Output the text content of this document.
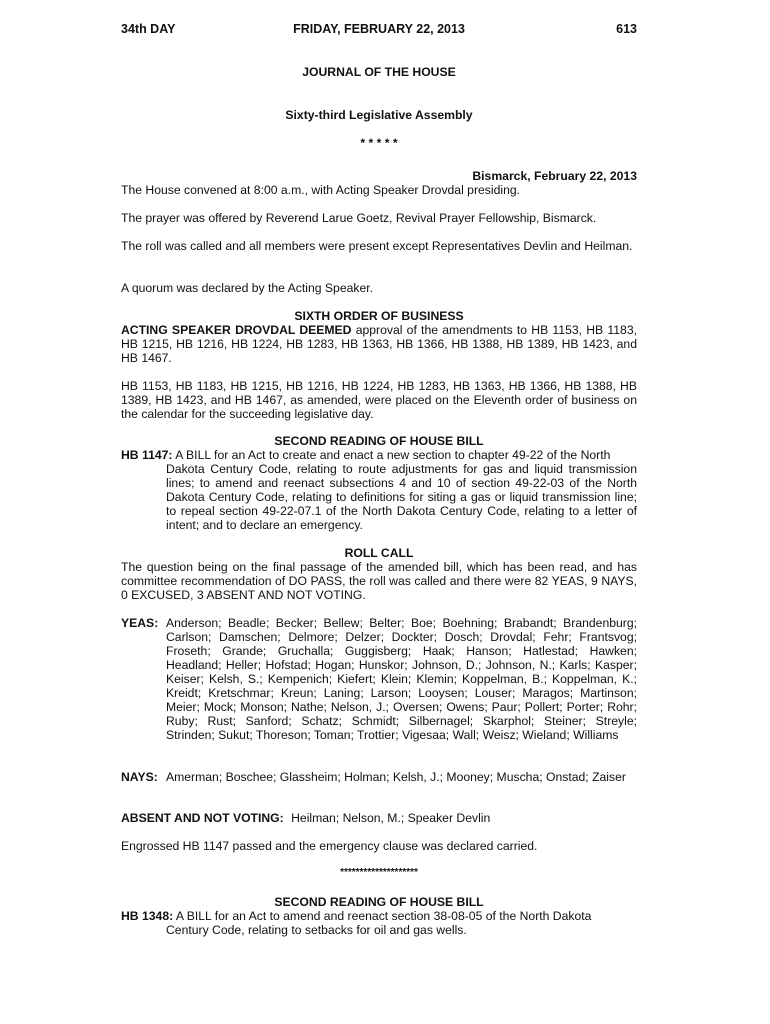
34th DAY	FRIDAY, FEBRUARY 22, 2013	613
JOURNAL OF THE HOUSE
Sixty-third Legislative Assembly
* * * * *
Bismarck, February 22, 2013

The House convened at 8:00 a.m., with Acting Speaker Drovdal presiding.

The prayer was offered by Reverend Larue Goetz, Revival Prayer Fellowship, Bismarck.

The roll was called and all members were present except Representatives Devlin and Heilman.

A quorum was declared by the Acting Speaker.

SIXTH ORDER OF BUSINESS

ACTING SPEAKER DROVDAL DEEMED approval of the amendments to HB 1153, HB 1183, HB 1215, HB 1216, HB 1224, HB 1283, HB 1363, HB 1366, HB 1388, HB 1389, HB 1423, and HB 1467.

HB 1153, HB 1183, HB 1215, HB 1216, HB 1224, HB 1283, HB 1363, HB 1366, HB 1388, HB 1389, HB 1423, and HB 1467, as amended, were placed on the Eleventh order of business on the calendar for the succeeding legislative day.

SECOND READING OF HOUSE BILL
HB 1147: A BILL for an Act to create and enact a new section to chapter 49-22 of the North
Dakota Century Code, relating to route adjustments for gas and liquid transmission lines; to amend and reenact subsections 4 and 10 of section 49-22-03 of the North Dakota Century Code, relating to definitions for siting a gas or liquid transmission line; to repeal section 49-22-07.1 of the North Dakota Century Code, relating to a letter of intent; and to declare an emergency.
ROLL CALL

The question being on the final passage of the amended bill, which has been read, and has committee recommendation of DO PASS, the roll was called and there were 82 YEAS, 9 NAYS, 0 EXCUSED, 3 ABSENT AND NOT VOTING.

YEAS: Anderson; Beadle; Becker; Bellew; Belter; Boe; Boehning; Brabandt; Brandenburg; Carlson; Damschen; Delmore; Delzer; Dockter; Dosch; Drovdal; Fehr; Frantsvog; Froseth; Grande; Gruchalla; Guggisberg; Haak; Hanson; Hatlestad; Hawken; Headland; Heller; Hofstad; Hogan; Hunskor; Johnson, D.; Johnson, N.; Karls; Kasper; Keiser; Kelsh, S.; Kempenich; Kiefert; Klein; Klemin; Koppelman, B.; Koppelman, K.; Kreidt; Kretschmar; Kreun; Laning; Larson; Looysen; Louser; Maragos; Martinson; Meier; Mock; Monson; Nathe; Nelson, J.; Oversen; Owens; Paur; Pollert; Porter; Rohr; Ruby; Rust; Sanford; Schatz; Schmidt; Silbernagel; Skarphol; Steiner; Streyle; Strinden; Sukut; Thoreson; Toman; Trottier; Vigesaa; Wall; Weisz; Wieland; Williams
NAYS: Amerman; Boschee; Glassheim; Holman; Kelsh, J.; Mooney; Muscha; Onstad; Zaiser
ABSENT AND NOT VOTING: Heilman; Nelson, M.; Speaker Devlin

Engrossed HB 1147 passed and the emergency clause was declared carried.

********************
SECOND READING OF HOUSE BILL
HB 1348: A BILL for an Act to amend and reenact section 38-08-05 of the North Dakota
Century Code, relating to setbacks for oil and gas wells.
